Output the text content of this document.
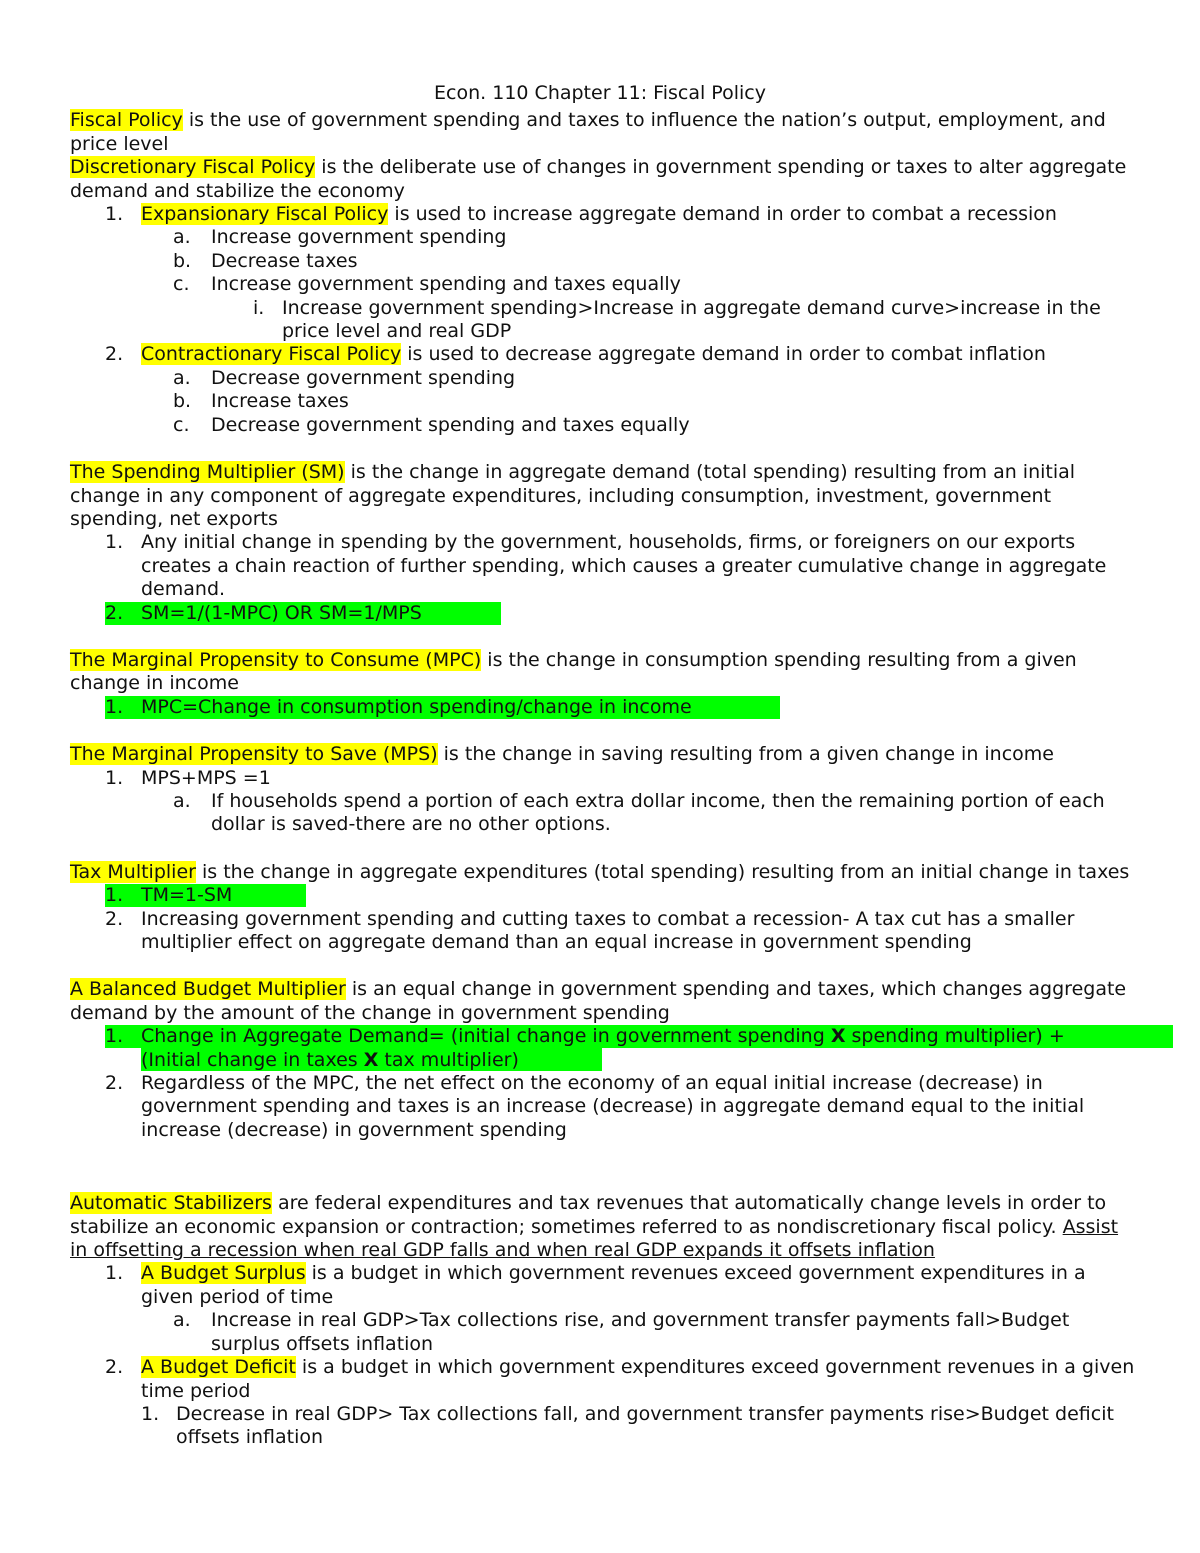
Econ. 110 Chapter 11: Fiscal Policy

Fiscal Policy is the use of government spending and taxes to influence the nation’s output, employment, and price level

Discretionary Fiscal Policy is the deliberate use of changes in government spending or taxes to alter aggregate demand and stabilize the economy

1. Expansionary Fiscal Policy is used to increase aggregate demand in order to combat a recession
a. Increase government spending
b. Decrease taxes
c. Increase government spending and taxes equally
i. Increase government spending>Increase in aggregate demand curve>increase in the price level and real GDP
2. Contractionary Fiscal Policy is used to decrease aggregate demand in order to combat inflation
a. Decrease government spending
b. Increase taxes
c. Decrease government spending and taxes equally

The Spending Multiplier (SM) is the change in aggregate demand (total spending) resulting from an initial change in any component of aggregate expenditures, including consumption, investment, government spending, net exports

1. Any initial change in spending by the government, households, firms, or foreigners on our exports creates a chain reaction of further spending, which causes a greater cumulative change in aggregate demand.
2. SM=1/(1-MPC) OR SM=1/MPS

The Marginal Propensity to Consume (MPC) is the change in consumption spending resulting from a given change in income

1. MPC=Change in consumption spending/change in income

The Marginal Propensity to Save (MPS) is the change in saving resulting from a given change in income

1. MPS+MPS =1
a. If households spend a portion of each extra dollar income, then the remaining portion of each dollar is saved-there are no other options.

Tax Multiplier is the change in aggregate expenditures (total spending) resulting from an initial change in taxes

1. TM=1-SM
2. Increasing government spending and cutting taxes to combat a recession- A tax cut has a smaller multiplier effect on aggregate demand than an equal increase in government spending

A Balanced Budget Multiplier is an equal change in government spending and taxes, which changes aggregate demand by the amount of the change in government spending

1. Change in Aggregate Demand= (initial change in government spending X spending multiplier) +
(Initial change in taxes X tax multiplier)
2. Regardless of the MPC, the net effect on the economy of an equal initial increase (decrease) in government spending and taxes is an increase (decrease) in aggregate demand equal to the initial increase (decrease) in government spending

Automatic Stabilizers are federal expenditures and tax revenues that automatically change levels in order to stabilize an economic expansion or contraction; sometimes referred to as nondiscretionary fiscal policy. Assist in offsetting a recession when real GDP falls and when real GDP expands it offsets inflation

1. A Budget Surplus is a budget in which government revenues exceed government expenditures in a given period of time
a. Increase in real GDP>Tax collections rise, and government transfer payments fall>Budget surplus offsets inflation
2. A Budget Deficit is a budget in which government expenditures exceed government revenues in a given time period
1. Decrease in real GDP> Tax collections fall, and government transfer payments rise>Budget deficit offsets inflation
